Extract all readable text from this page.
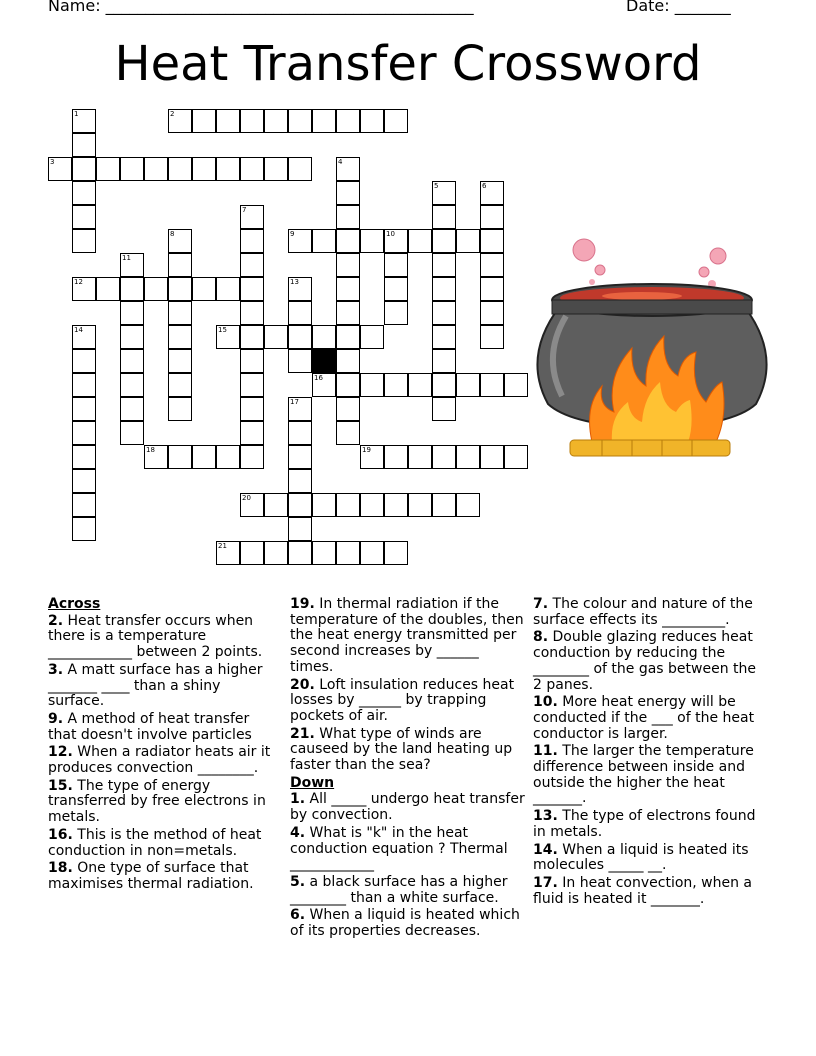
Name: ______________________________________________	Date: _______
Heat Transfer Crossword
1	2
3	4
5	6
7
8	9	10
11
12	13
14	15
16
17
18	19
20
21
Across
2. Heat transfer occurs when there is a temperature ____________ between 2 points.
3. A matt surface has a higher _______ ____ than a shiny surface.
9. A method of heat transfer that doesn't involve particles
12. When a radiator heats air it produces convection ________.
15. The type of energy transferred by free electrons in metals.
16. This is the method of heat conduction in non=metals.
18. One type of surface that maximises thermal radiation.
19. In thermal radiation if the temperature of the doubles, then the heat energy transmitted per second increases by ______ times.
20. Loft insulation reduces heat losses by ______ by trapping pockets of air.
21. What type of winds are causeed by the land heating up faster than the sea?
Down
1. All _____ undergo heat transfer by convection.
4. What is "k" in the heat conduction equation ? Thermal ____________
5. a black surface has a higher ________ than a white surface.
6. When a liquid is heated which of its properties decreases.
7. The colour and nature of the surface effects its _________.
8. Double glazing reduces heat conduction by reducing the ________ of the gas between the 2 panes.
10. More heat energy will be conducted if the ___ of the heat conductor is larger.
11. The larger the temperature difference between inside and outside the higher the heat _______.
13. The type of electrons found in metals.
14. When a liquid is heated its molecules _____ __.
17. In heat convection, when a fluid is heated it _______.
